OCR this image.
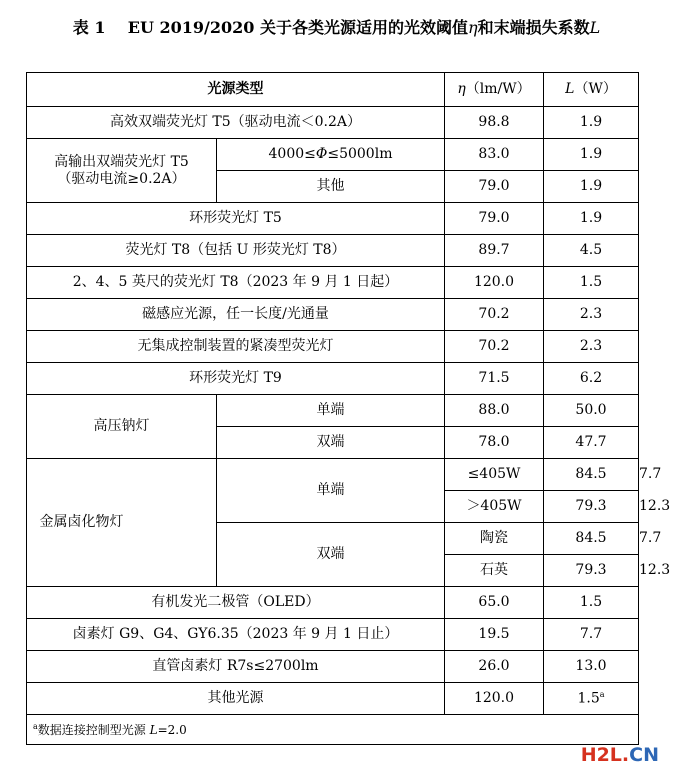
表 1 EU 2019/2020 关于各类光源适用的光效阈值η和末端损失系数L
光源类型		η（lm/W）	L（W）	
高效双端荧光灯 T5（驱动电流＜0.2A）		98.8	1.9	
高输出双端荧光灯 T5
（驱动电流≥0.2A）	4000≤Φ≤5000lm	83.0	1.9	
	其他	79.0	1.9	
环形荧光灯 T5		79.0	1.9	
荧光灯 T8（包括 U 形荧光灯 T8）		89.7	4.5	
2、4、5 英尺的荧光灯 T8（2023 年 9 月 1 日起）		120.0	1.5	
磁感应光源，任一长度/光通量		70.2	2.3	
无集成控制装置的紧凑型荧光灯		70.2	2.3	
环形荧光灯 T9		71.5	6.2	
高压钠灯	单端	88.0	50.0	
	双端	78.0	47.7	
金属卤化物灯	单端	≤405W	84.5	7.7
		＞405W	79.3	12.3
	双端	陶瓷	84.5	7.7
		石英	79.3	12.3
有机发光二极管（OLED）		65.0	1.5	
卤素灯 G9、G4、GY6.35（2023 年 9 月 1 日止）		19.5	7.7	
直管卤素灯 R7s≤2700lm		26.0	13.0	
其他光源		120.0	1.5$^a$
$^a$数据连接控制型光源 L=2.0				
H2L.CN
